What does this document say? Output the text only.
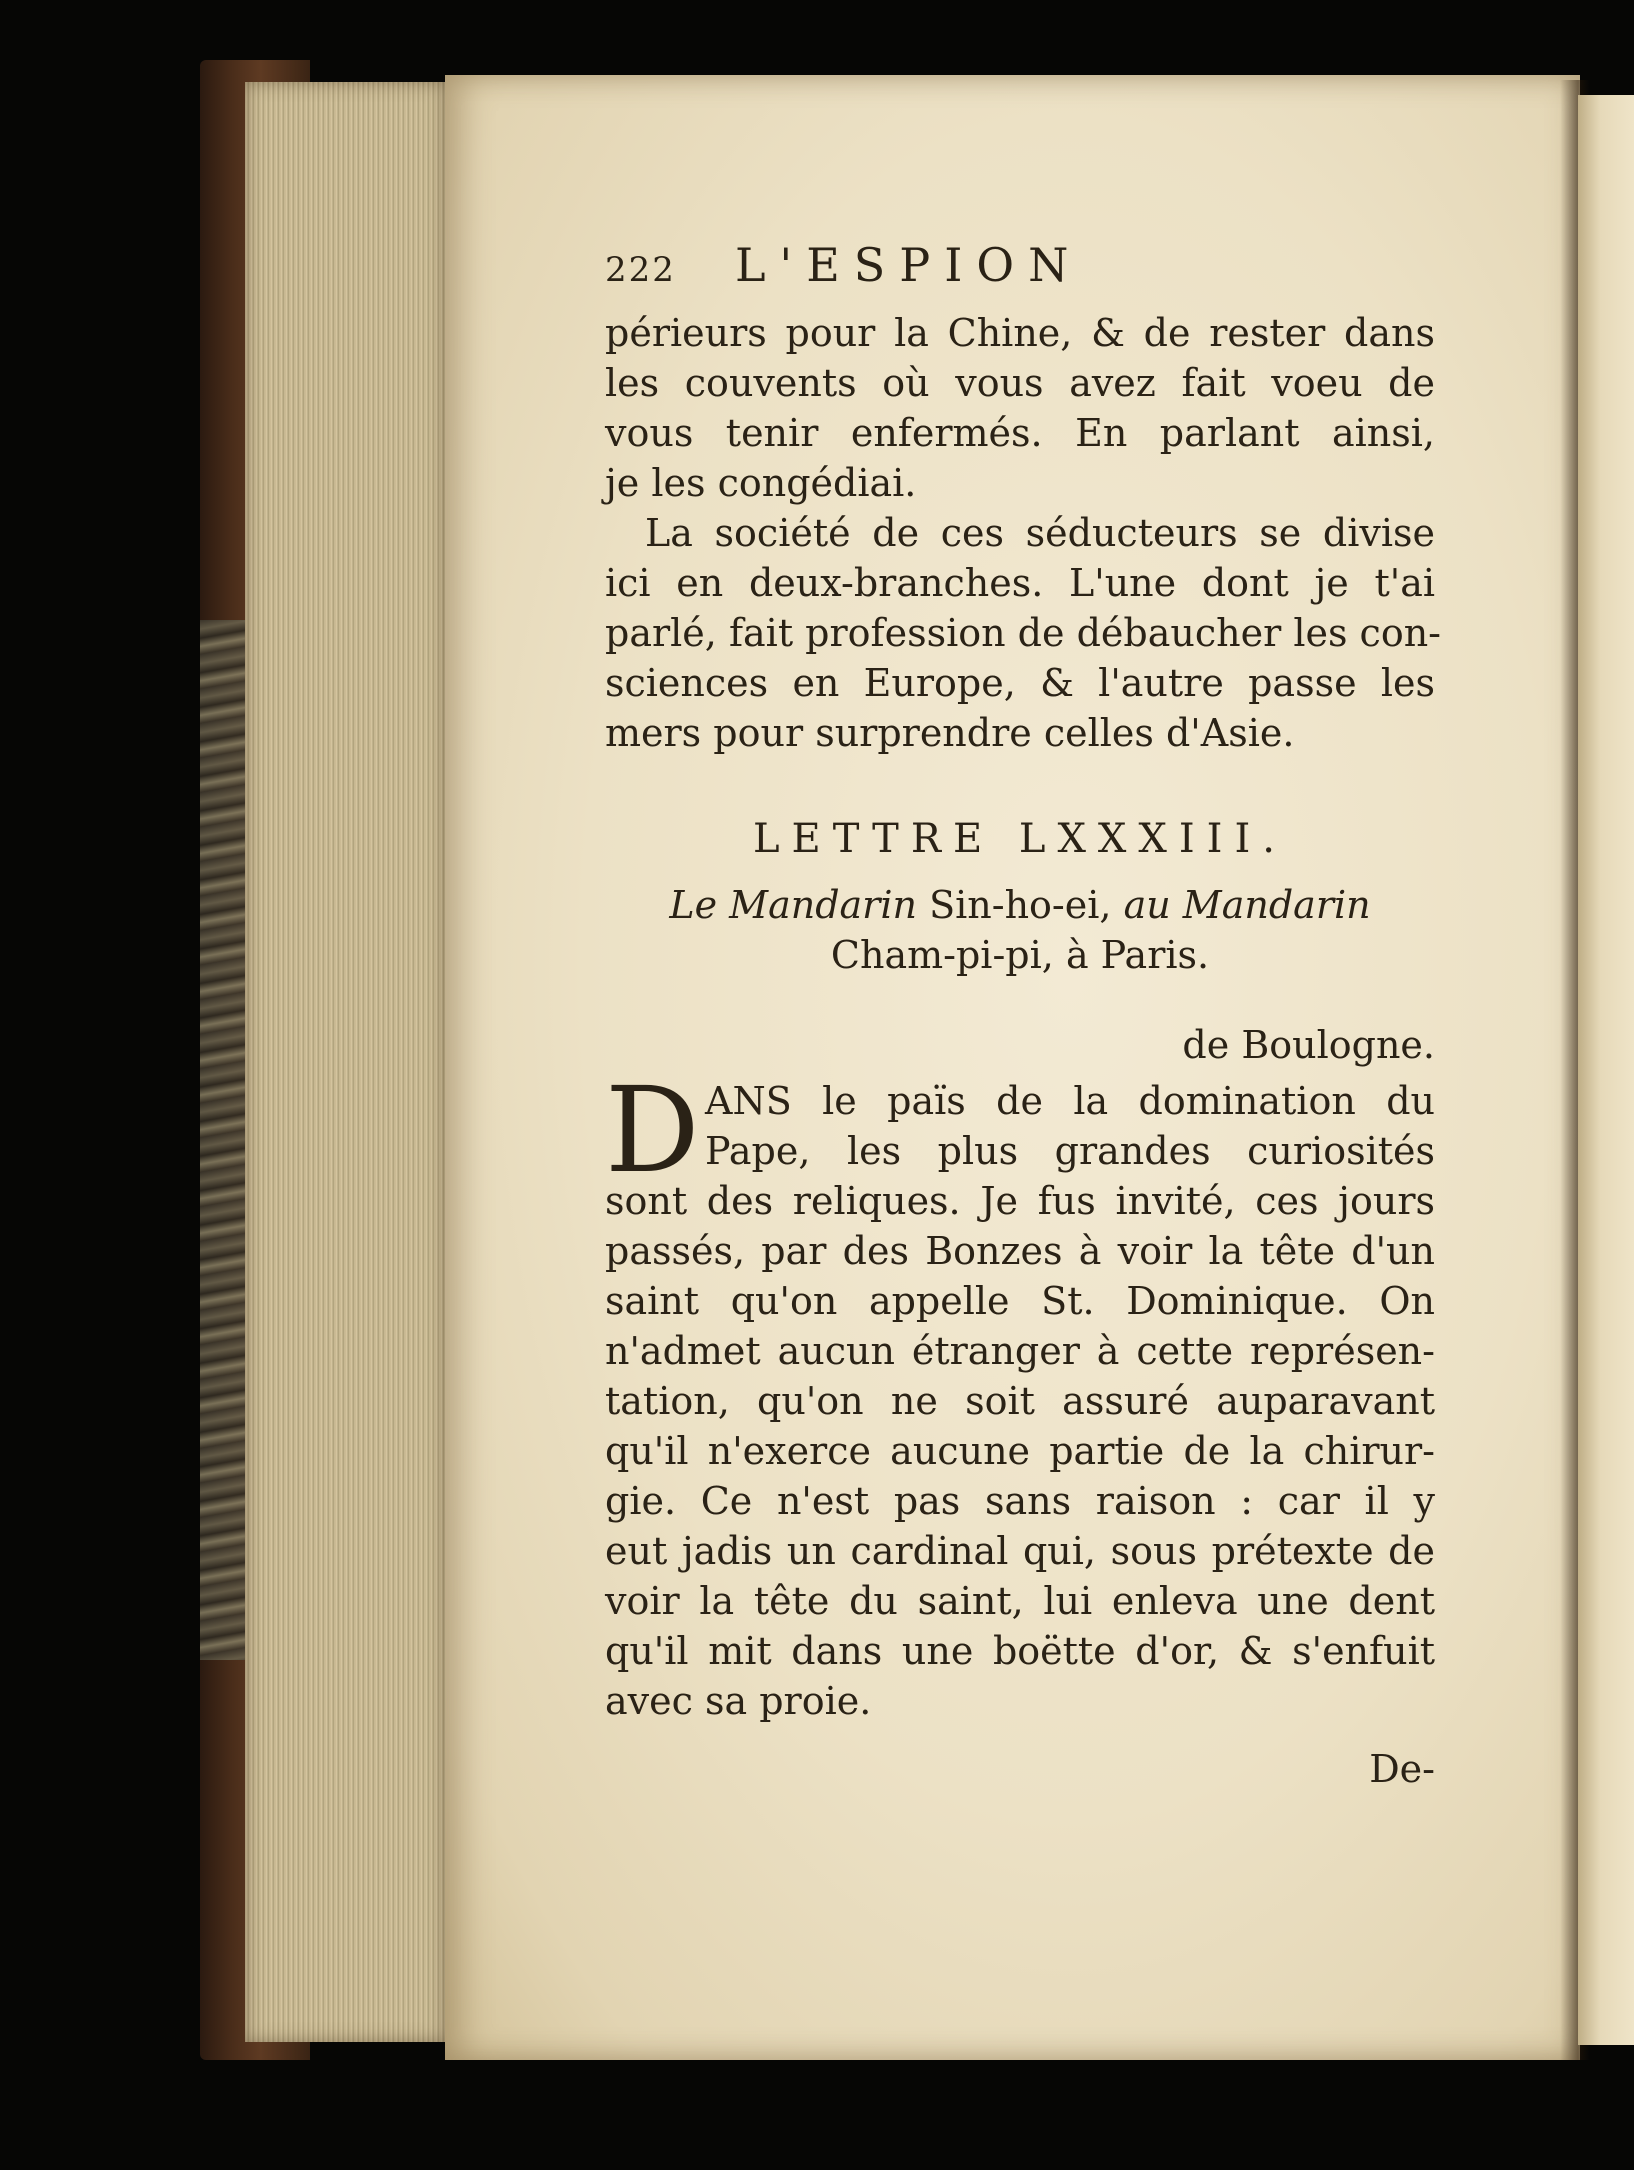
222	L'ESPION
périeurs pour la Chine, & de rester dans
les couvents où vous avez fait voeu de
vous tenir enfermés. En parlant ainsi,
je les congédiai.
La société de ces séducteurs se divise
ici en deux-branches. L'une dont je t'ai
parlé, fait profession de débaucher les con-
sciences en Europe, & l'autre passe les
mers pour surprendre celles d'Asie.
LETTRE LXXXIII.
Le Mandarin Sin-ho-ei, au Mandarin
Cham-pi-pi, à Paris.
de Boulogne.
D ANS le païs de la domination du
Pape, les plus grandes curiosités
sont des reliques. Je fus invité, ces jours
passés, par des Bonzes à voir la tête d'un
saint qu'on appelle St. Dominique. On
n'admet aucun étranger à cette représen-
tation, qu'on ne soit assuré auparavant
qu'il n'exerce aucune partie de la chirur-
gie. Ce n'est pas sans raison : car il y
eut jadis un cardinal qui, sous prétexte de
voir la tête du saint, lui enleva une dent
qu'il mit dans une boëtte d'or, & s'enfuit
avec sa proie.
De-
